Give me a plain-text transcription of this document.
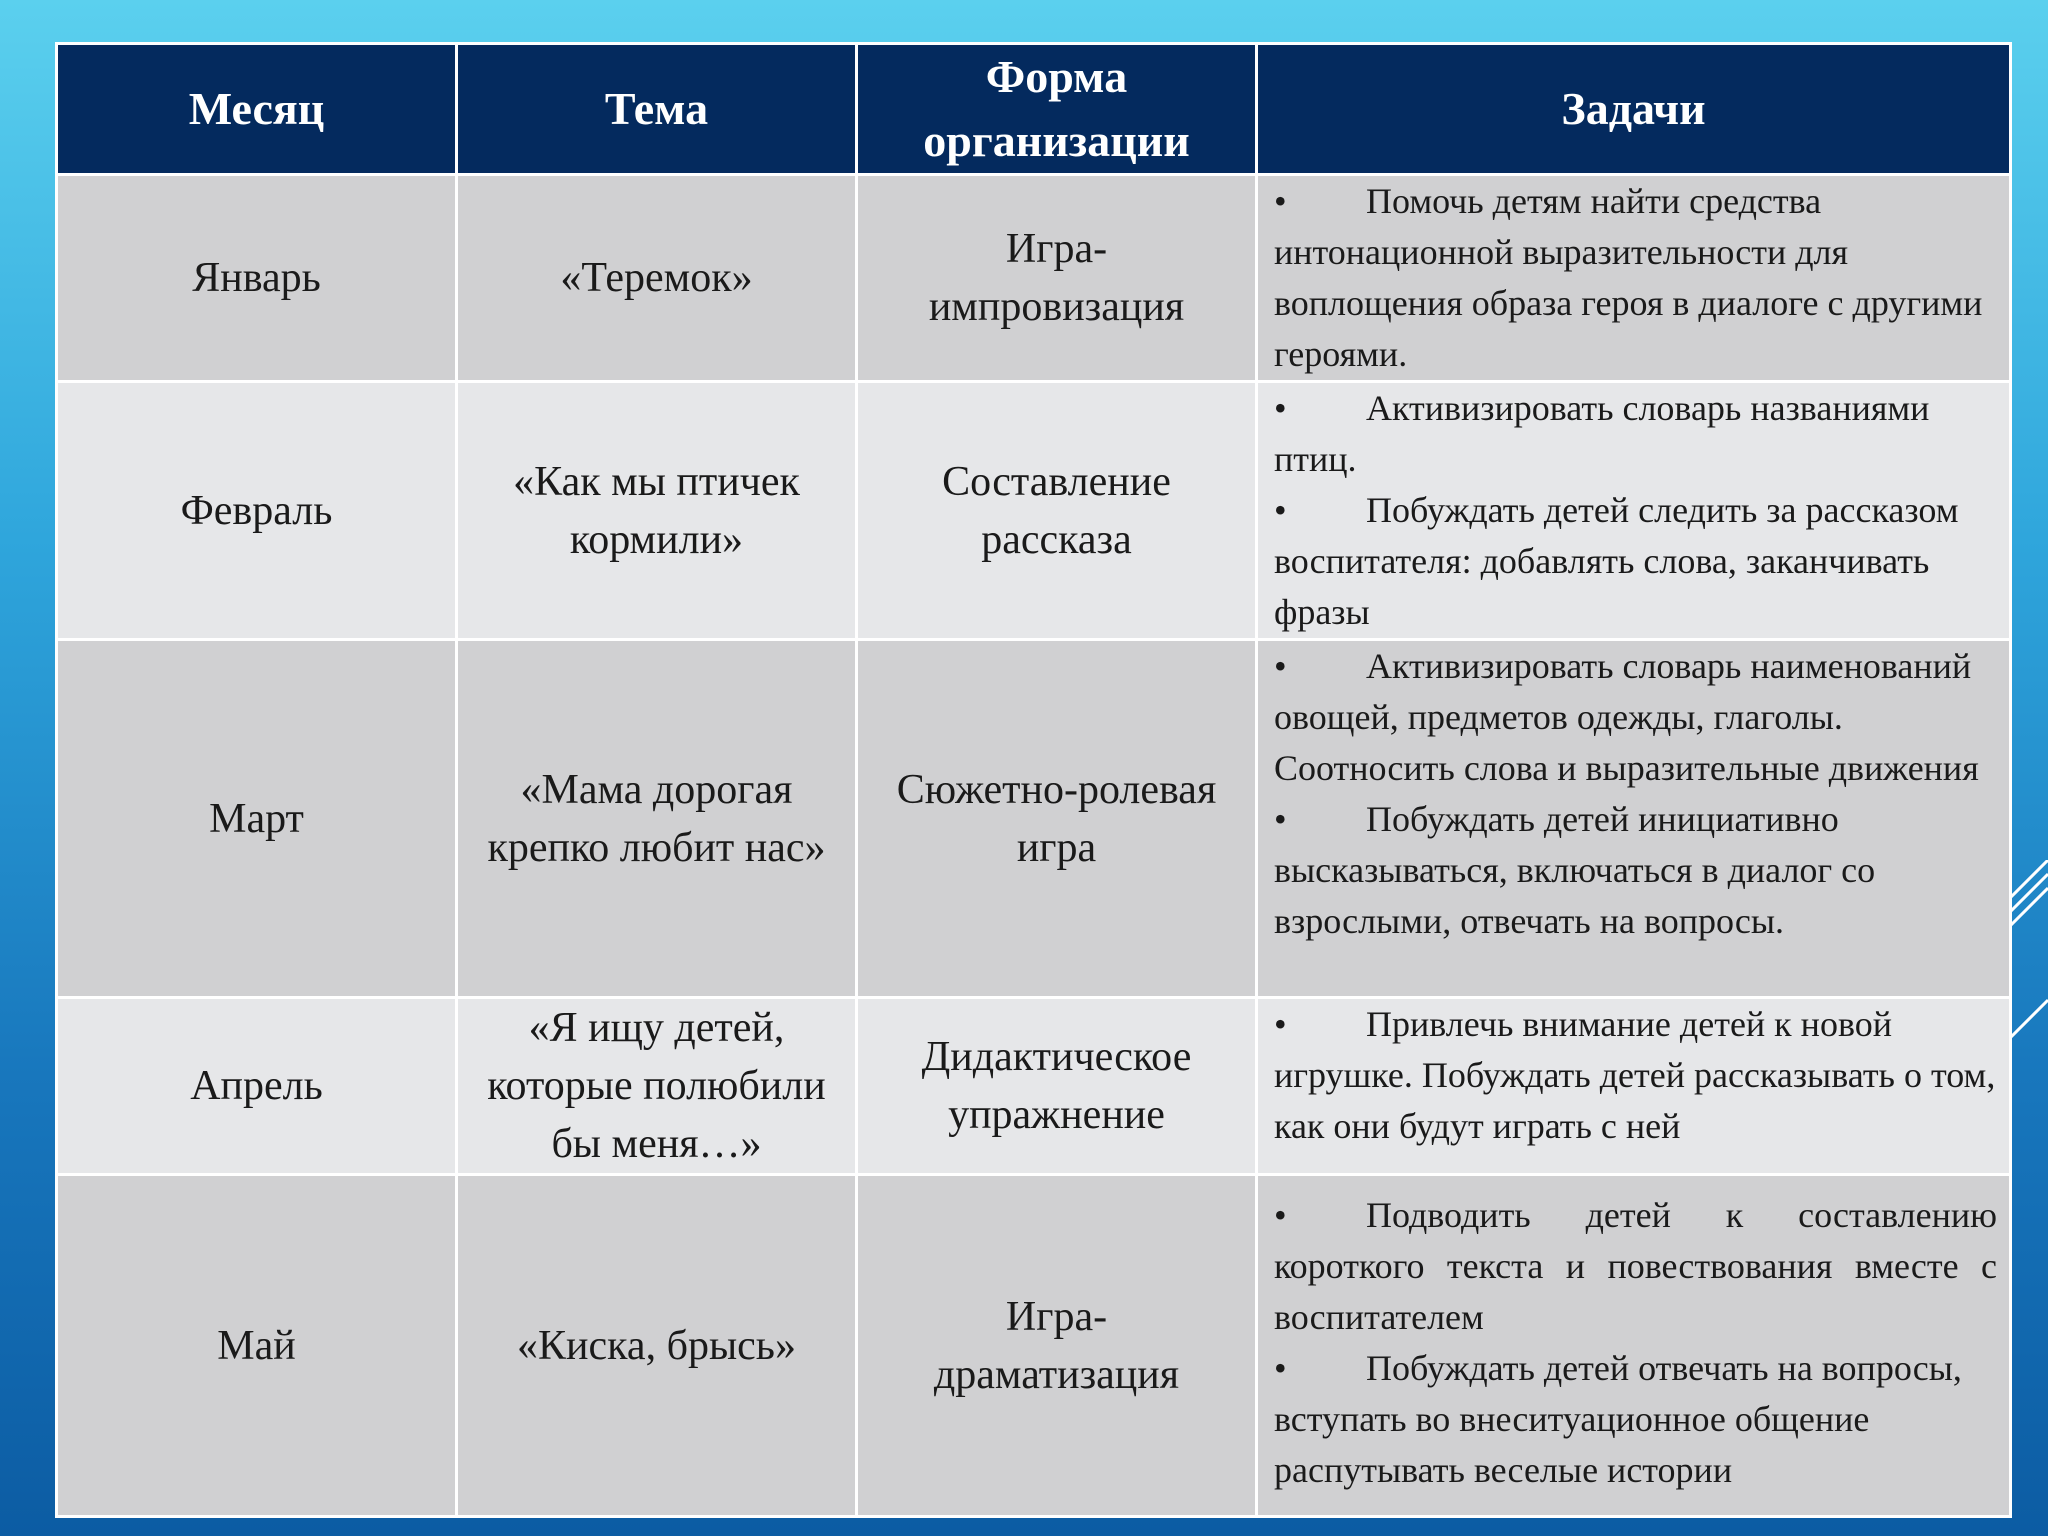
Месяц	Тема	Форма организации	Задачи
Январь	«Теремок»	Игра-импровизация	• Помочь детям найти средства интонационной выразительности для воплощения образа героя в диалоге с другими героями.

Февраль	«Как мы птичек кормили»	Составление рассказа	• Активизировать словарь названиями птиц.
• Побуждать детей следить за рассказом воспитателя: добавлять слова, заканчивать фразы

Март	«Мама дорогая крепко любит нас»	Сюжетно-ролевая игра	• Активизировать словарь наименований овощей, предметов одежды, глаголы. Соотносить слова и выразительные движения
• Побуждать детей инициативно высказываться, включаться в диалог со взрослыми, отвечать на вопросы.

Апрель	«Я ищу детей, которые полюбили бы меня…»	Дидактическое упражнение	• Привлечь внимание детей к новой игрушке. Побуждать детей рассказывать о том, как они будут играть с ней

Май	«Киска, брысь»	Игра-драматизация	• Подводить детей к составлению короткого текста и повествования вместе с воспитателем
• Побуждать детей отвечать на вопросы, вступать во внеситуационное общение распутывать веселые истории
